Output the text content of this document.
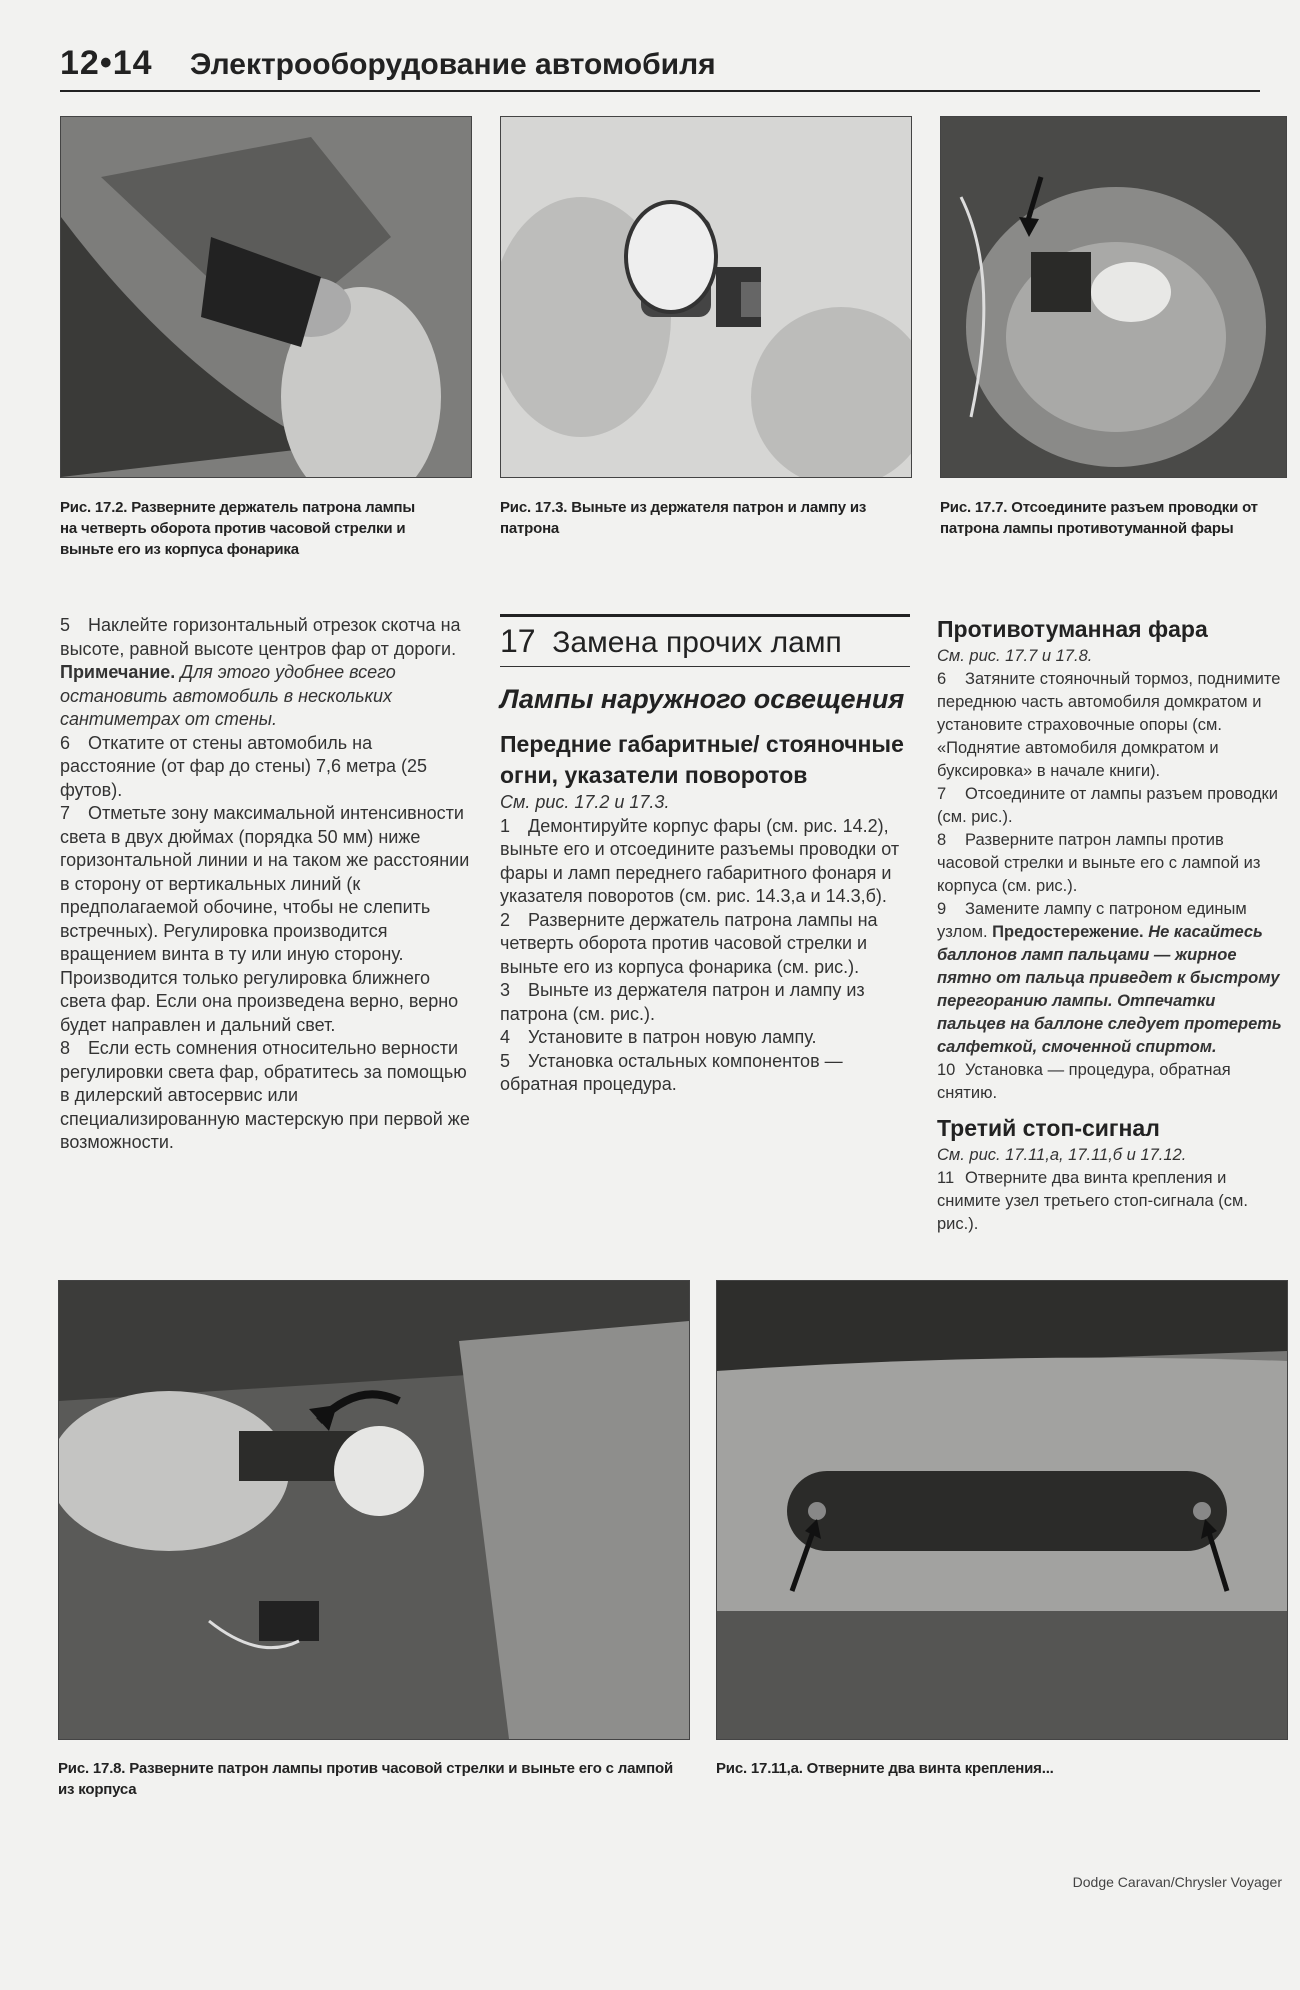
12•14 Электрооборудование автомобиля
Рис. 17.2. Разверните держатель патрона лампы на четверть оборота против часовой стрелки и выньте его из корпуса фонарика
Рис. 17.3. Выньте из держателя патрон и лампу из патрона
Рис. 17.7. Отсоедините разъем проводки от патрона лампы противотуманной фары

5 Наклейте горизонтальный отрезок скотча на высоте, равной высоте центров фар от дороги. Примечание. Для этого удобнее всего остановить автомобиль в нескольких сантиметрах от стены.

6 Откатите от стены автомобиль на расстояние (от фар до стены) 7,6 метра (25 футов).

7 Отметьте зону максимальной интенсивности света в двух дюймах (порядка 50 мм) ниже горизонтальной линии и на таком же расстоянии в сторону от вертикальных линий (к предполагаемой обочине, чтобы не слепить встречных). Регулировка производится вращением винта в ту или иную сторону. Производится только регулировка ближнего света фар. Если она произведена верно, верно будет направлен и дальний свет.

8 Если есть сомнения относительно верности регулировки света фар, обратитесь за помощью в дилерский автосервис или специализированную мастерскую при первой же возможности.

17 Замена прочих ламп
Лампы наружного освещения
Передние габаритные/ стояночные огни, указатели поворотов

См. рис. 17.2 и 17.3.

1 Демонтируйте корпус фары (см. рис. 14.2), выньте его и отсоедините разъемы проводки от фары и ламп переднего габаритного фонаря и указателя поворотов (см. рис. 14.3,а и 14.3,б).

2 Разверните держатель патрона лампы на четверть оборота против часовой стрелки и выньте его из корпуса фонарика (см. рис.).

3 Выньте из держателя патрон и лампу из патрона (см. рис.).

4 Установите в патрон новую лампу.

5 Установка остальных компонентов — обратная процедура.

Противотуманная фара

См. рис. 17.7 и 17.8.

6 Затяните стояночный тормоз, поднимите переднюю часть автомобиля домкратом и установите страховочные опоры (см. «Поднятие автомобиля домкратом и буксировка» в начале книги).

7 Отсоедините от лампы разъем проводки (см. рис.).

8 Разверните патрон лампы против часовой стрелки и выньте его с лампой из корпуса (см. рис.).

9 Замените лампу с патроном единым узлом. Предостережение. Не касайтесь баллонов ламп пальцами — жирное пятно от пальца приведет к быстрому перегоранию лампы. Отпечатки пальцев на баллоне следует протереть салфеткой, смоченной спиртом.

10 Установка — процедура, обратная снятию.

Третий стоп-сигнал

См. рис. 17.11,а, 17.11,б и 17.12.

11 Отверните два винта крепления и снимите узел третьего стоп-сигнала (см. рис.).

Рис. 17.8. Разверните патрон лампы против часовой стрелки и выньте его с лампой из корпуса
Рис. 17.11,а. Отверните два винта крепления...
Dodge Caravan/Chrysler Voyager
